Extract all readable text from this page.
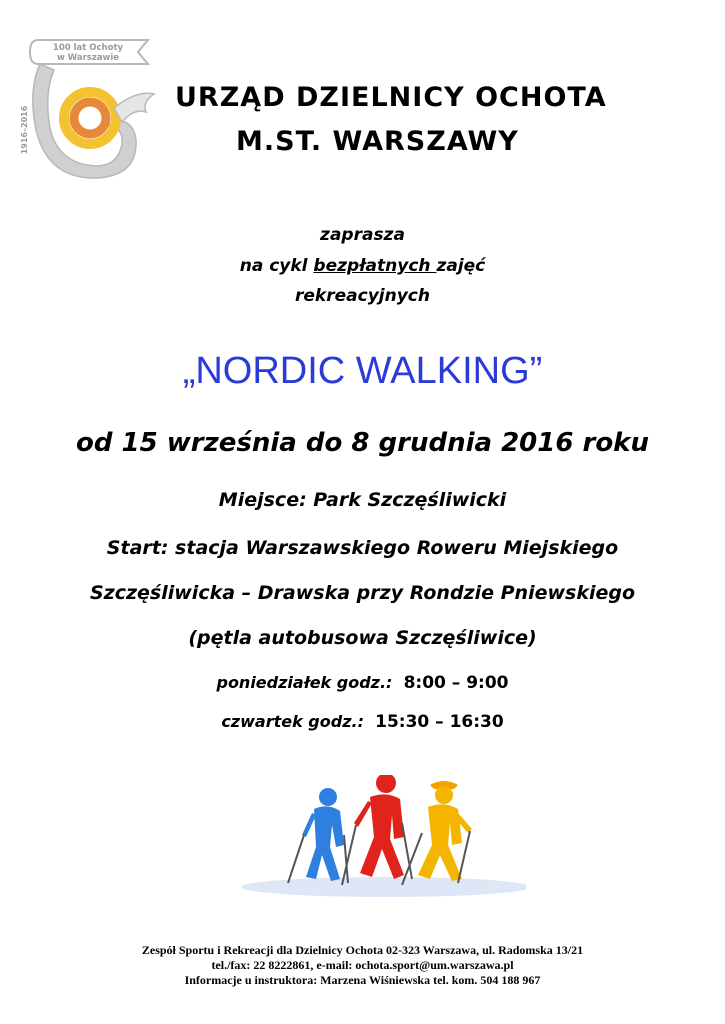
100 lat Ochoty
w Warszawie
1916–2016
URZĄD DZIELNICY OCHOTA
M.ST. WARSZAWY
zaprasza
na cykl bezpłatnych zajęć
rekreacyjnych
„NORDIC WALKING”
od 15 września do 8 grudnia 2016 roku
Miejsce: Park Szczęśliwicki
Start: stacja Warszawskiego Roweru Miejskiego
Szczęśliwicka – Drawska przy Rondzie Pniewskiego
(pętla autobusowa Szczęśliwice)
poniedziałek godz.: 8:00 – 9:00
czwartek godz.: 15:30 – 16:30
Zespół Sportu i Rekreacji dla Dzielnicy Ochota 02-323 Warszawa, ul. Radomska 13/21
tel./fax: 22 8222861, e-mail: ochota.sport@um.warszawa.pl
Informacje u instruktora: Marzena Wiśniewska tel. kom. 504 188 967
